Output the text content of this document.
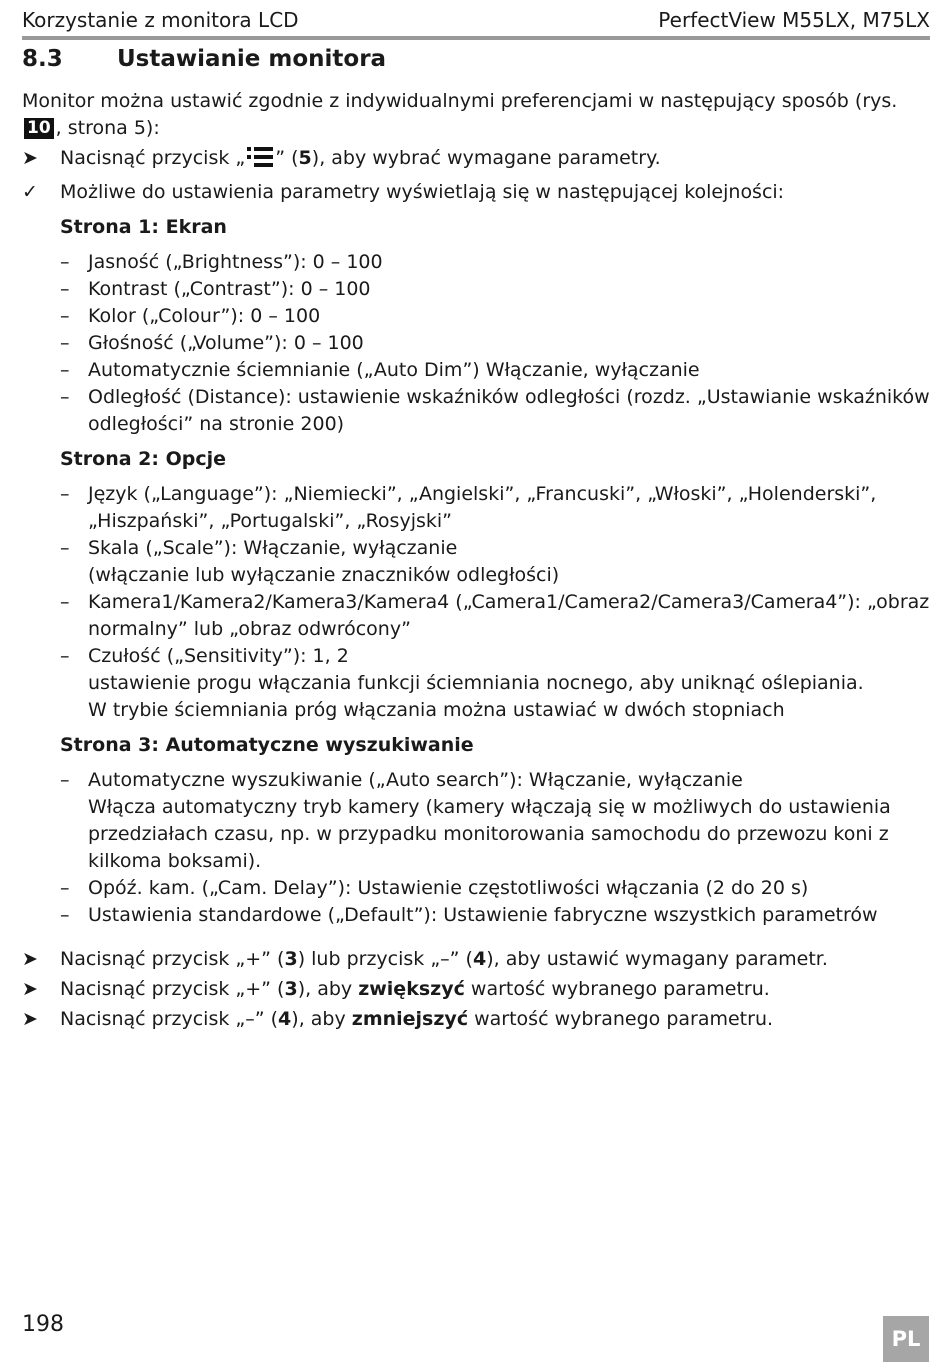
Korzystanie z monitora LCD	PerfectView M55LX, M75LX
8.3 Ustawianie monitora

Monitor można ustawić zgodnie z indywidualnymi preferencjami w następujący sposób (rys. 10 , strona 5):

➤ Nacisnąć przycisk „ ” (5), aby wybrać wymagane parametry.
✓ Możliwe do ustawienia parametry wyświetlają się w następującej kolejności:
Strona 1: Ekran
– Jasność („Brightness”): 0 – 100
– Kontrast („Contrast”): 0 – 100
– Kolor („Colour”): 0 – 100
– Głośność („Volume”): 0 – 100
– Automatycznie ściemnianie („Auto Dim”) Włączanie, wyłączanie
– Odległość (Distance): ustawienie wskaźników odległości (rozdz. „Ustawianie wskaźników odległości” na stronie 200)
Strona 2: Opcje
– Język („Language”): „Niemiecki”, „Angielski”, „Francuski”, „Włoski”, „Holenderski”, „Hiszpański”, „Portugalski”, „Rosyjski”
– Skala („Scale”): Włączanie, wyłączanie
(włączanie lub wyłączanie znaczników odległości)
– Kamera1/Kamera2/Kamera3/Kamera4 („Camera1/Camera2/Camera3/Camera4”): „obraz normalny” lub „obraz odwrócony”
– Czułość („Sensitivity”): 1, 2
ustawienie progu włączania funkcji ściemniania nocnego, aby uniknąć oślepiania.
W trybie ściemniania próg włączania można ustawiać w dwóch stopniach
Strona 3: Automatyczne wyszukiwanie
– Automatyczne wyszukiwanie („Auto search”): Włączanie, wyłączanie
Włącza automatyczny tryb kamery (kamery włączają się w możliwych do ustawienia przedziałach czasu, np. w przypadku monitorowania samochodu do przewozu koni z kilkoma boksami).
– Opóź. kam. („Cam. Delay”): Ustawienie częstotliwości włączania (2 do 20 s)
– Ustawienia standardowe („Default”): Ustawienie fabryczne wszystkich parametrów
➤ Nacisnąć przycisk „+” (3) lub przycisk „–” (4), aby ustawić wymagany parametr.
➤ Nacisnąć przycisk „+” (3), aby zwiększyć wartość wybranego parametru.
➤ Nacisnąć przycisk „–” (4), aby zmniejszyć wartość wybranego parametru.
198
PL
